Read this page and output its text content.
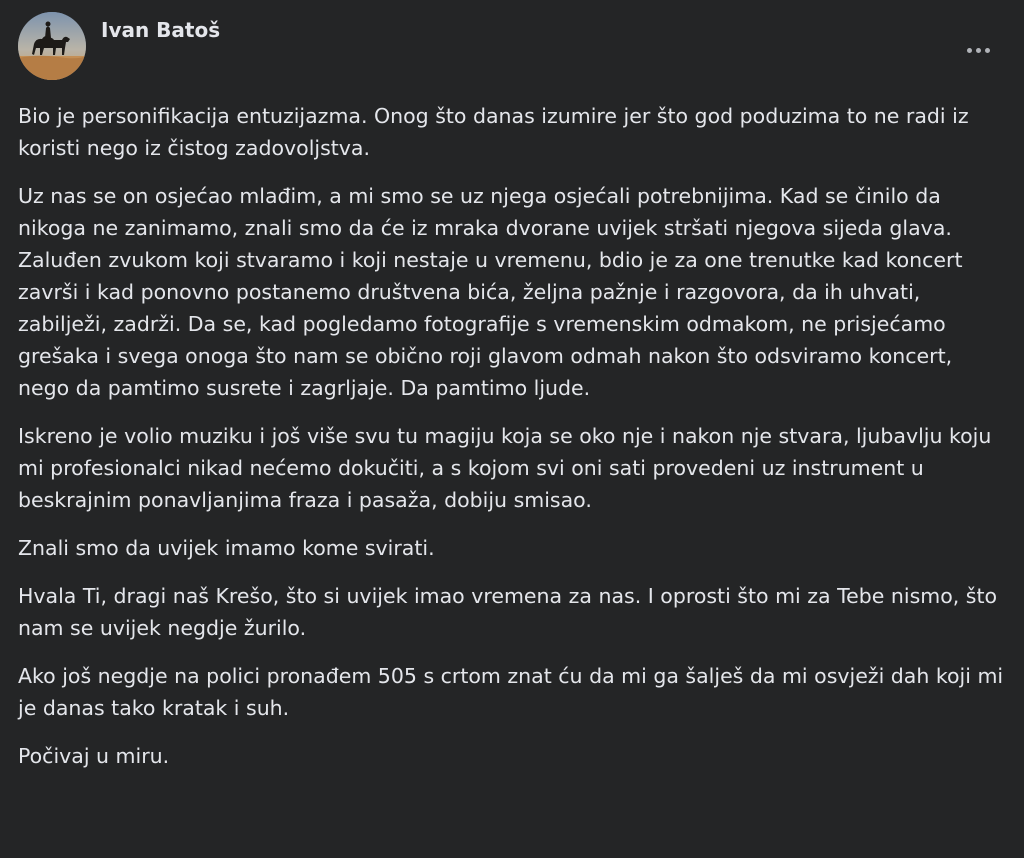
Ivan Batoš

Bio je personifikacija entuzijazma. Onog što danas izumire jer što god poduzima to ne radi iz koristi nego iz čistog zadovoljstva.

Uz nas se on osjećao mlađim, a mi smo se uz njega osjećali potrebnijima. Kad se činilo da nikoga ne zanimamo, znali smo da će iz mraka dvorane uvijek stršati njegova sijeda glava. Zaluđen zvukom koji stvaramo i koji nestaje u vremenu, bdio je za one trenutke kad koncert završi i kad ponovno postanemo društvena bića, željna pažnje i razgovora, da ih uhvati, zabilježi, zadrži. Da se, kad pogledamo fotografije s vremenskim odmakom, ne prisjećamo grešaka i svega onoga što nam se obično roji glavom odmah nakon što odsviramo koncert, nego da pamtimo susrete i zagrljaje. Da pamtimo ljude.

Iskreno je volio muziku i još više svu tu magiju koja se oko nje i nakon nje stvara, ljubavlju koju mi profesionalci nikad nećemo dokučiti, a s kojom svi oni sati provedeni uz instrument u beskrajnim ponavljanjima fraza i pasaža, dobiju smisao.

Znali smo da uvijek imamo kome svirati.

Hvala Ti, dragi naš Krešo, što si uvijek imao vremena za nas. I oprosti što mi za Tebe nismo, što nam se uvijek negdje žurilo.

Ako još negdje na polici pronađem 505 s crtom znat ću da mi ga šalješ da mi osvježi dah koji mi je danas tako kratak i suh.

Počivaj u miru.
